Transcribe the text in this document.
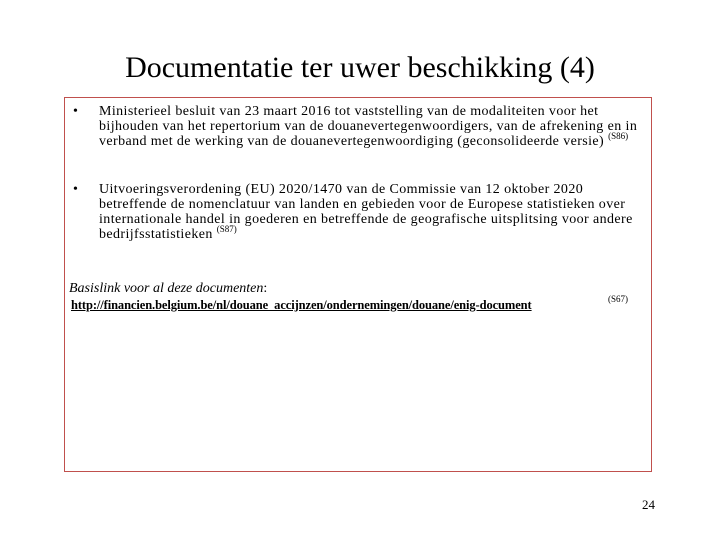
Documentatie ter uwer beschikking (4)
• Ministerieel besluit van 23 maart 2016 tot vaststelling van de modaliteiten voor het bijhouden van het repertorium van de douanevertegenwoordigers, van de afrekening en in verband met de werking van de douanevertegenwoordiging (geconsolideerde versie) $^{(S86)}$
• Uitvoeringsverordening (EU) 2020/1470 van de Commissie van 12 oktober 2020 betreffende de nomenclatuur van landen en gebieden voor de Europese statistieken over internationale handel in goederen en betreffende de geografische uitsplitsing voor andere bedrijfsstatistieken $^{(S87)}$
Basislink voor al deze documenten:
http://financien.belgium.be/nl/douane_accijnzen/ondernemingen/douane/enig-document	(S67)
24
